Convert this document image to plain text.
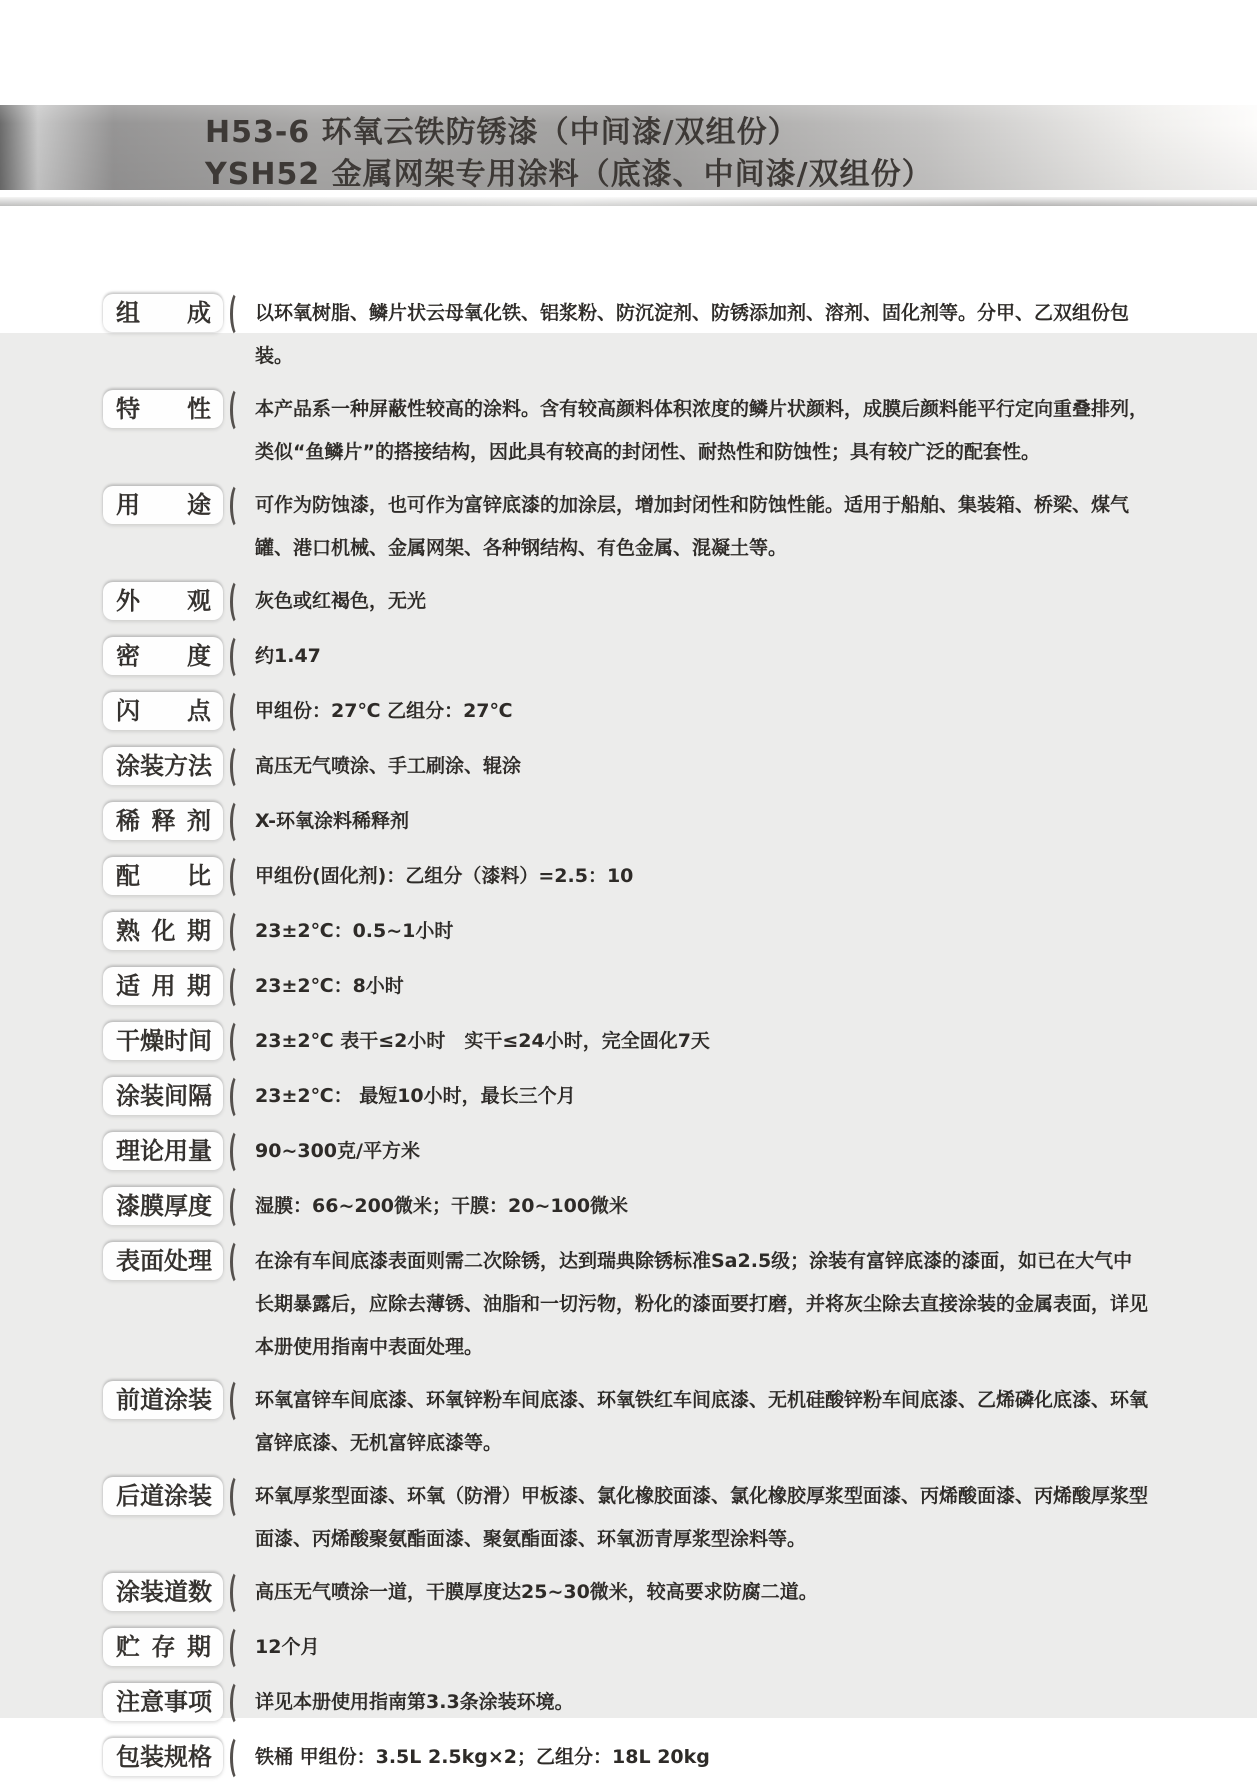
H53-6 环氧云铁防锈漆（中间漆/双组份）
YSH52 金属网架专用涂料（底漆、中间漆/双组份）
组 成	以环氧树脂、鳞片状云母氧化铁、铝浆粉、防沉淀剂、防锈添加剂、溶剂、固化剂等。分甲、乙双组份包装。
特 性	本产品系一种屏蔽性较高的涂料。含有较高颜料体积浓度的鳞片状颜料，成膜后颜料能平行定向重叠排列，类似“鱼鳞片”的搭接结构，因此具有较高的封闭性、耐热性和防蚀性；具有较广泛的配套性。
用 途	可作为防蚀漆，也可作为富锌底漆的加涂层，增加封闭性和防蚀性能。适用于船舶、集装箱、桥梁、煤气罐、港口机械、金属网架、各种钢结构、有色金属、混凝土等。
外 观	灰色或红褐色，无光
密 度	约1.47
闪 点	甲组份：27℃ 乙组分：27℃
涂装方法	高压无气喷涂、手工刷涂、辊涂
稀 释 剂	X-环氧涂料稀释剂
配 比	甲组份(固化剂)：乙组分（漆料）=2.5：10
熟 化 期	23±2℃：0.5~1小时
适 用 期	23±2℃：8小时
干燥时间	23±2℃ 表干≤2小时　实干≤24小时，完全固化7天
涂装间隔	23±2℃： 最短10小时，最长三个月
理论用量	90~300克/平方米
漆膜厚度	湿膜：66~200微米；干膜：20~100微米
表面处理	在涂有车间底漆表面则需二次除锈，达到瑞典除锈标准Sa2.5级；涂装有富锌底漆的漆面，如已在大气中长期暴露后，应除去薄锈、油脂和一切污物，粉化的漆面要打磨，并将灰尘除去直接涂装的金属表面，详见本册使用指南中表面处理。
前道涂装	环氧富锌车间底漆、环氧锌粉车间底漆、环氧铁红车间底漆、无机硅酸锌粉车间底漆、乙烯磷化底漆、环氧富锌底漆、无机富锌底漆等。
后道涂装	环氧厚浆型面漆、环氧（防滑）甲板漆、氯化橡胶面漆、氯化橡胶厚浆型面漆、丙烯酸面漆、丙烯酸厚浆型面漆、丙烯酸聚氨酯面漆、聚氨酯面漆、环氧沥青厚浆型涂料等。
涂装道数	高压无气喷涂一道，干膜厚度达25~30微米，较高要求防腐二道。
贮 存 期	12个月
注意事项	详见本册使用指南第3.3条涂装环境。
包装规格	铁桶 甲组份：3.5L 2.5kg×2；乙组分：18L 20kg
